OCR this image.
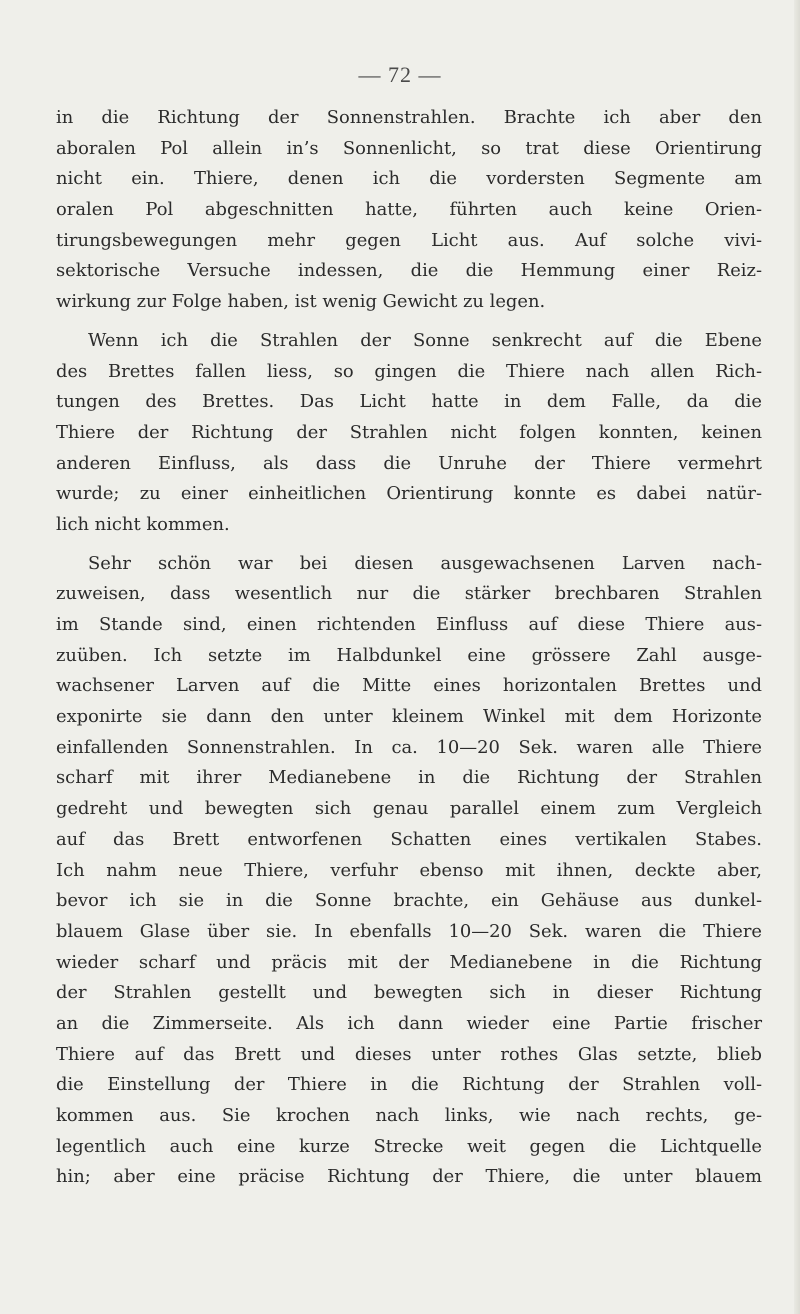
— 72 —
in die Richtung der Sonnenstrahlen. Brachte ich aber den
aboralen Pol allein in’s Sonnenlicht, so trat diese Orientirung
nicht ein. Thiere, denen ich die vordersten Segmente am
oralen Pol abgeschnitten hatte, führten auch keine Orien-
tirungsbewegungen mehr gegen Licht aus. Auf solche vivi-
sektorische Versuche indessen, die die Hemmung einer Reiz-
wirkung zur Folge haben, ist wenig Gewicht zu legen.
Wenn ich die Strahlen der Sonne senkrecht auf die Ebene
des Brettes fallen liess, so gingen die Thiere nach allen Rich-
tungen des Brettes. Das Licht hatte in dem Falle, da die
Thiere der Richtung der Strahlen nicht folgen konnten, keinen
anderen Einfluss, als dass die Unruhe der Thiere vermehrt
wurde; zu einer einheitlichen Orientirung konnte es dabei natür-
lich nicht kommen.
Sehr schön war bei diesen ausgewachsenen Larven nach-
zuweisen, dass wesentlich nur die stärker brechbaren Strahlen
im Stande sind, einen richtenden Einfluss auf diese Thiere aus-
zuüben. Ich setzte im Halbdunkel eine grössere Zahl ausge-
wachsener Larven auf die Mitte eines horizontalen Brettes und
exponirte sie dann den unter kleinem Winkel mit dem Horizonte
einfallenden Sonnenstrahlen. In ca. 10—20 Sek. waren alle Thiere
scharf mit ihrer Medianebene in die Richtung der Strahlen
gedreht und bewegten sich genau parallel einem zum Vergleich
auf das Brett entworfenen Schatten eines vertikalen Stabes.
Ich nahm neue Thiere, verfuhr ebenso mit ihnen, deckte aber,
bevor ich sie in die Sonne brachte, ein Gehäuse aus dunkel-
blauem Glase über sie. In ebenfalls 10—20 Sek. waren die Thiere
wieder scharf und präcis mit der Medianebene in die Richtung
der Strahlen gestellt und bewegten sich in dieser Richtung
an die Zimmerseite. Als ich dann wieder eine Partie frischer
Thiere auf das Brett und dieses unter rothes Glas setzte, blieb
die Einstellung der Thiere in die Richtung der Strahlen voll-
kommen aus. Sie krochen nach links, wie nach rechts, ge-
legentlich auch eine kurze Strecke weit gegen die Lichtquelle
hin; aber eine präcise Richtung der Thiere, die unter blauem
